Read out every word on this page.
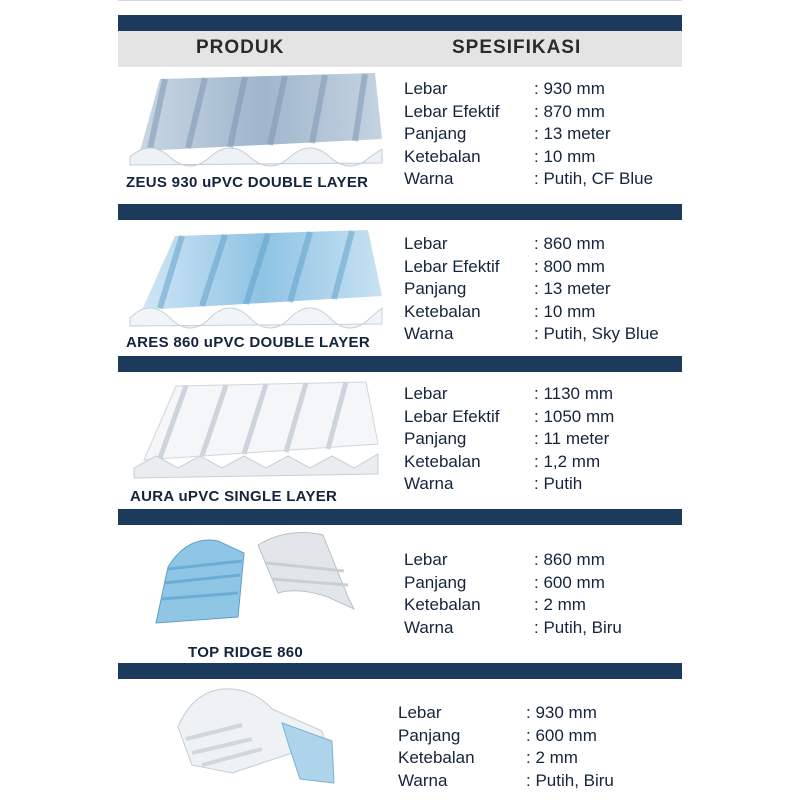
PRODUK	SPESIFIKASI
ZEUS 930 uPVC DOUBLE LAYER
Lebar	: 930 mm
Lebar Efektif : 870 mm
Panjang	: 13 meter
Ketebalan	: 10 mm
Warna	: Putih, CF Blue
ARES 860 uPVC DOUBLE LAYER
Lebar	: 860 mm
Lebar Efektif : 800 mm
Panjang	: 13 meter
Ketebalan	: 10 mm
Warna	: Putih, Sky Blue
AURA uPVC SINGLE LAYER
Lebar	: 1130 mm
Lebar Efektif : 1050 mm
Panjang	: 11 meter
Ketebalan	: 1,2 mm
Warna	: Putih
TOP RIDGE 860
Lebar	: 860 mm
Panjang	: 600 mm
Ketebalan	: 2 mm
Warna	: Putih, Biru
Lebar	: 930 mm
Panjang	: 600 mm
Ketebalan	: 2 mm
Warna	: Putih, Biru
